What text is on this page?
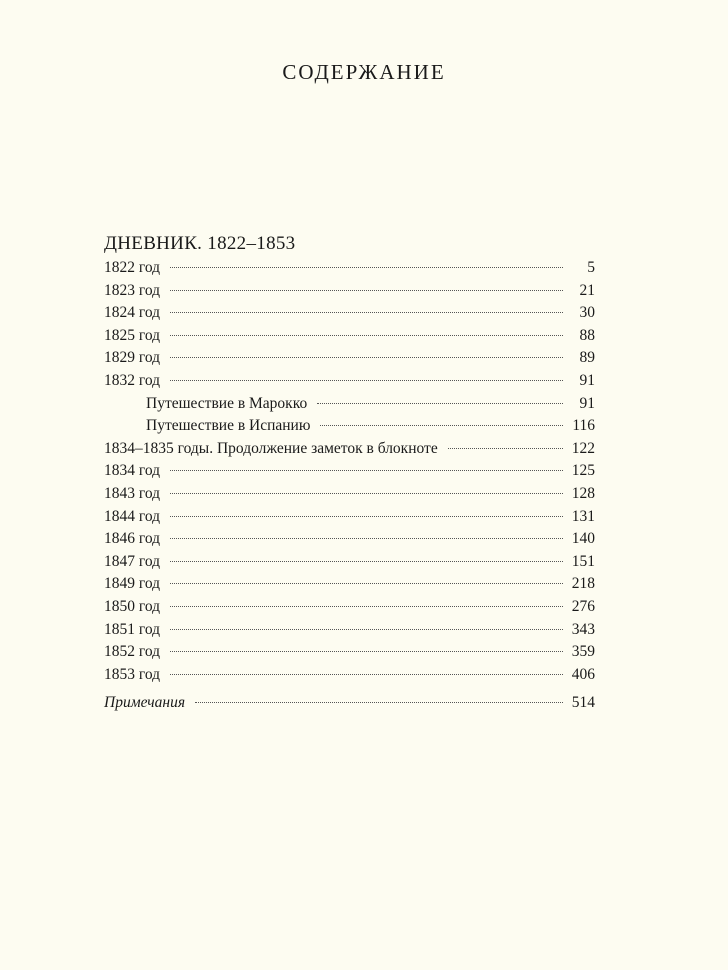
СОДЕРЖАНИЕ
ДНЕВНИК. 1822–1853
1822 год	5
1823 год	21
1824 год	30
1825 год	88
1829 год	89
1832 год	91
Путешествие в Марокко	91
Путешествие в Испанию	116
1834–1835 годы. Продолжение заметок в блокноте	122
1834 год	125
1843 год	128
1844 год	131
1846 год	140
1847 год	151
1849 год	218
1850 год	276
1851 год	343
1852 год	359
1853 год	406
Примечания	514
